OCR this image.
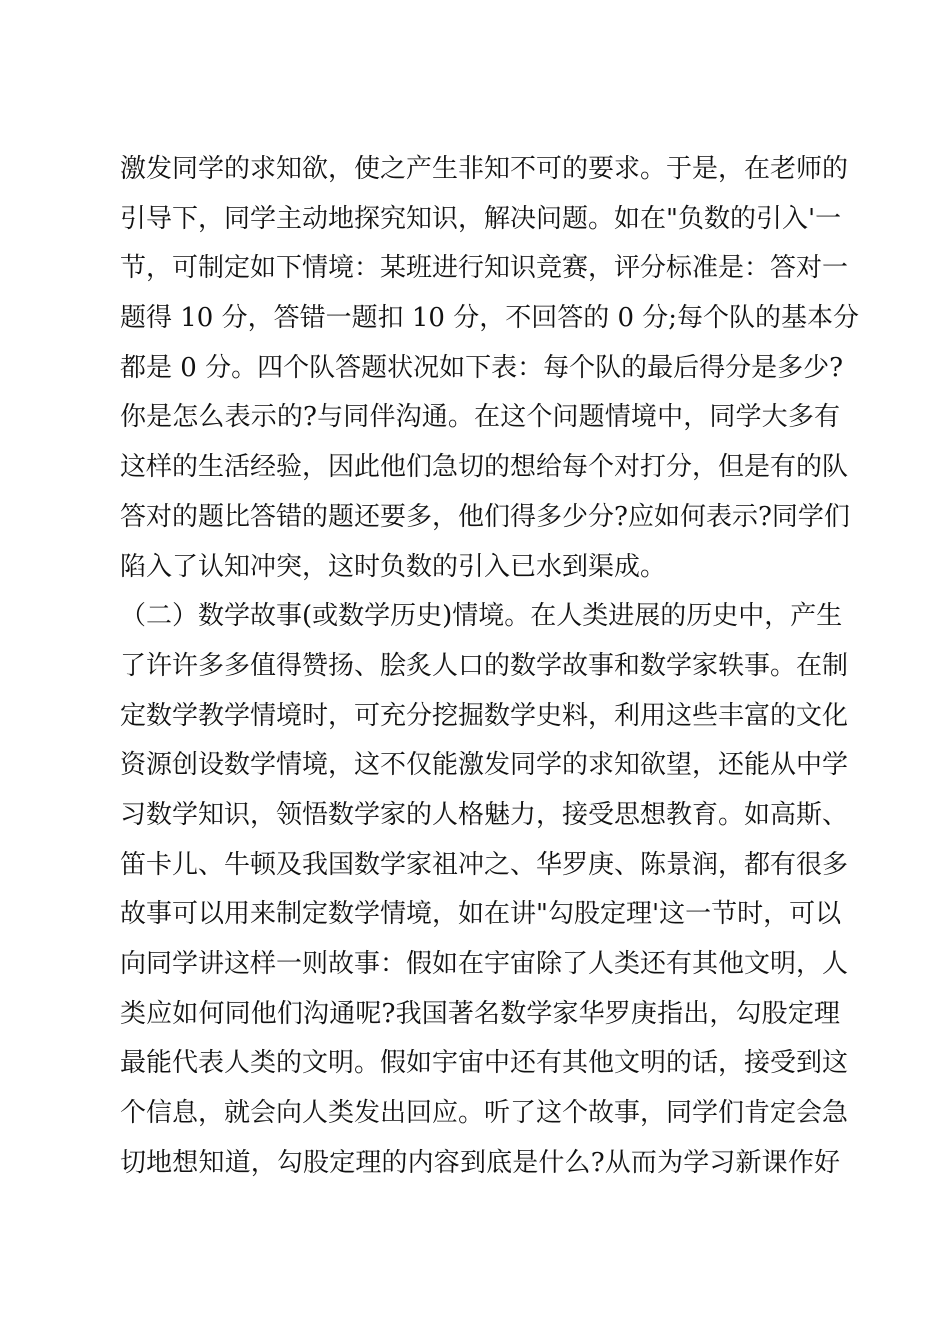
激发同学的求知欲，使之产生非知不可的要求。于是，在老师的
引导下，同学主动地探究知识，解决问题。如在"负数的引入'一
节，可制定如下情境：某班进行知识竞赛，评分标准是：答对一
题得 10 分，答错一题扣 10 分，不回答的 0 分;每个队的基本分
都是 0 分。四个队答题状况如下表：每个队的最后得分是多少?
你是怎么表示的?与同伴沟通。在这个问题情境中，同学大多有
这样的生活经验，因此他们急切的想给每个对打分，但是有的队
答对的题比答错的题还要多，他们得多少分?应如何表示?同学们
陷入了认知冲突，这时负数的引入已水到渠成。
（二）数学故事(或数学历史)情境。在人类进展的历史中，产生
了许许多多值得赞扬、脍炙人口的数学故事和数学家轶事。在制
定数学教学情境时，可充分挖掘数学史料，利用这些丰富的文化
资源创设数学情境，这不仅能激发同学的求知欲望，还能从中学
习数学知识，领悟数学家的人格魅力，接受思想教育。如高斯、
笛卡儿、牛顿及我国数学家祖冲之、华罗庚、陈景润，都有很多
故事可以用来制定数学情境，如在讲"勾股定理'这一节时，可以
向同学讲这样一则故事：假如在宇宙除了人类还有其他文明，人
类应如何同他们沟通呢?我国著名数学家华罗庚指出，勾股定理
最能代表人类的文明。假如宇宙中还有其他文明的话，接受到这
个信息，就会向人类发出回应。听了这个故事，同学们肯定会急
切地想知道，勾股定理的内容到底是什么?从而为学习新课作好
